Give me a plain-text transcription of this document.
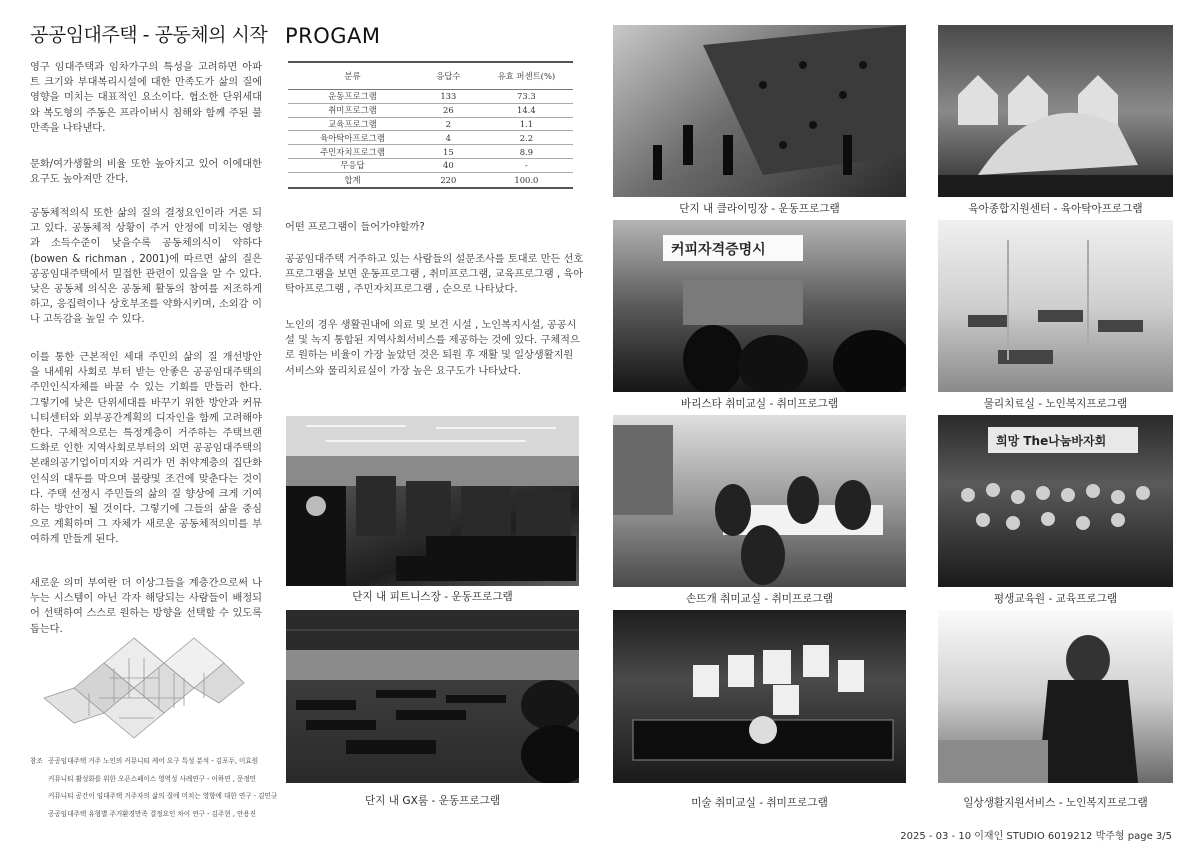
공공임대주택 - 공동체의 시작

영구 임대주택과 임차가구의 특성을 고려하면 아파트 크기와 부대복리시설에 대한 만족도가 삶의 질에 영향을 미치는 대표적인 요소이다. 협소한 단위세대와 복도형의 주동은 프라이버시 침해와 함께 주된 불만족을 나타낸다.

문화/여가생활의 비율 또한 높아지고 있어 이에대한 요구도 높아져만 간다.

공동체적의식 또한 삶의 질의 결정요인이라 거론 되고 있다. 공동체적 상황이 주거 안정에 미치는 영향과 소득수준이 낮을수록 공동체의식이 약하다(bowen & richman , 2001)에 따르면 삶의 질은 공공임대주택에서 밀접한 관련이 있음을 알 수 있다. 낮은 공동체 의식은 공동체 활동의 참여를 저조하게 하고, 응집력이나 상호부조를 약화시키며, 소외감 이 나 고독감을 높일 수 있다.

이를 통한 근본적인 세대 주민의 삶의 질 개선방안 을 내세워 사회로 부터 받는 안좋은 공공임대주택의 주민인식자체를 바꿀 수 있는 기회를 만들러 한다. 그렇기에 낮은 단위세대를 바꾸기 위한 방안과 커뮤니티센터와 외부공간계획의 디자인을 함께 고려해야 한다. 구체적으로는 특정계층이 거주하는 주택브랜드화로 인한 지역사회로부터의 외면 공공임대주택의 본래의공기업이미지와 거리가 먼 취약계층의 집단화 인식의 대두를 막으며 불량및 조건에 맞춘다는 것이다. 주택 선정시 주민들의 삶의 질 향상에 크게 기여하는 방안이 될 것이다. 그렇기에 그들의 삶을 중심으로 계획하며 그 자체가 새로운 공동체적의미를 부여하게 만들게 된다.

새로운 의미 부여란 더 이상그들을 계층간으로써 나누는 시스템이 아닌 각자 해당되는 사람들이 배정되어 선택하여 스스로 원하는 방향을 선택할 수 있도록 돕는다.

참조 공공임대주택 거주 노인의 커뮤니티 케어 요구 특성 분석 - 김포두, 이효원
커뮤니티 활성화를 위한 오픈스페이스 영역성 사례연구 - 이하연 , 문정민
커뮤니티 공간이 임대주택 거주자의 삶의 질에 미치는 영향에 대한 연구 - 김민규
공공임대주택 유형별 주거환경만족 결정요인 차이 연구 - 김주현 , 안용진
PROGAM
분류	응답수	유효 퍼센트(%)
운동프로그램	133	73.3
취미프로그램	26	14.4
교육프로그램	2	1.1
육아탁아프로그램	4	2.2
주민자치프로그램	15	8.9
무응답	40	-
합계	220	100.0

어떤 프로그램이 들어가야할까?

공공임대주택 거주하고 있는 사람들의 설문조사를 토대로 만든 선호 프로그램을 보면 운동프로그램 , 취미프로그램, 교육프로그램 , 육아탁아프로그램 , 주민자치프로그램 , 순으로 나타났다.

노인의 경우 생활권내에 의료 및 보건 시설 , 노인복지시설, 공공시설 및 녹지 통합된 지역사회서비스를 제공하는 것에 있다. 구체적으로 원하는 비율이 가장 높았던 것은 퇴원 후 재활 및 일상생활지원 서비스와 물리치료실이 가장 높은 요구도가 나타났다.

단지 내 피트니스장 - 운동프로그램
단지 내 GX룸 - 운동프로그램
단지 내 클라이밍장 - 운동프로그램	육아종합지원센터 - 육아탁아프로그램
커피자격증명시
바리스타 취미교실 - 취미프로그램	물리치료실 - 노인복지프로그램
손뜨개 취미교실 - 취미프로그램
희망 The나눔바자회
평생교육원 - 교육프로그램
미술 취미교실 - 취미프로그램	일상생활지원서비스 - 노인복지프로그램
2025 - 03 - 10 이재인 STUDIO 6019212 박주형 page 3/5
